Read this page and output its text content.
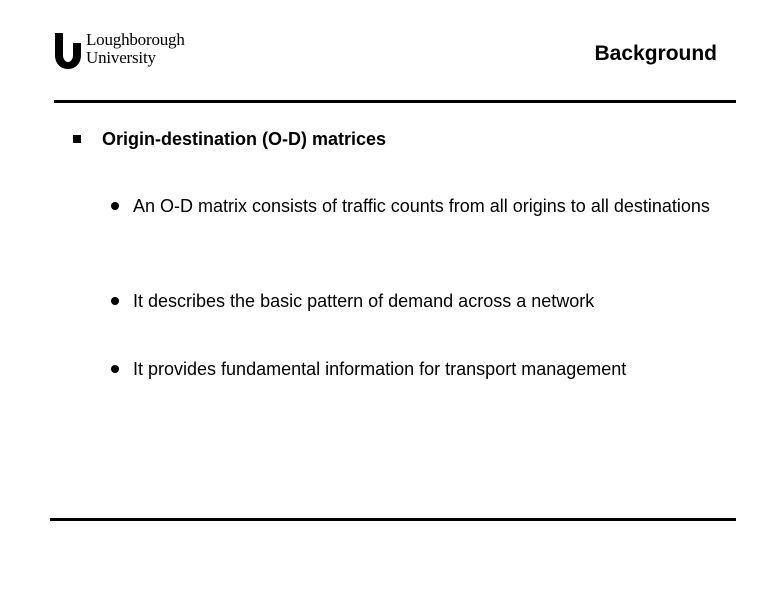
Loughborough
University	Background
Origin-destination (O-D) matrices
An O-D matrix consists of traffic counts from all origins to all destinations
It describes the basic pattern of demand across a network
It provides fundamental information for transport management
